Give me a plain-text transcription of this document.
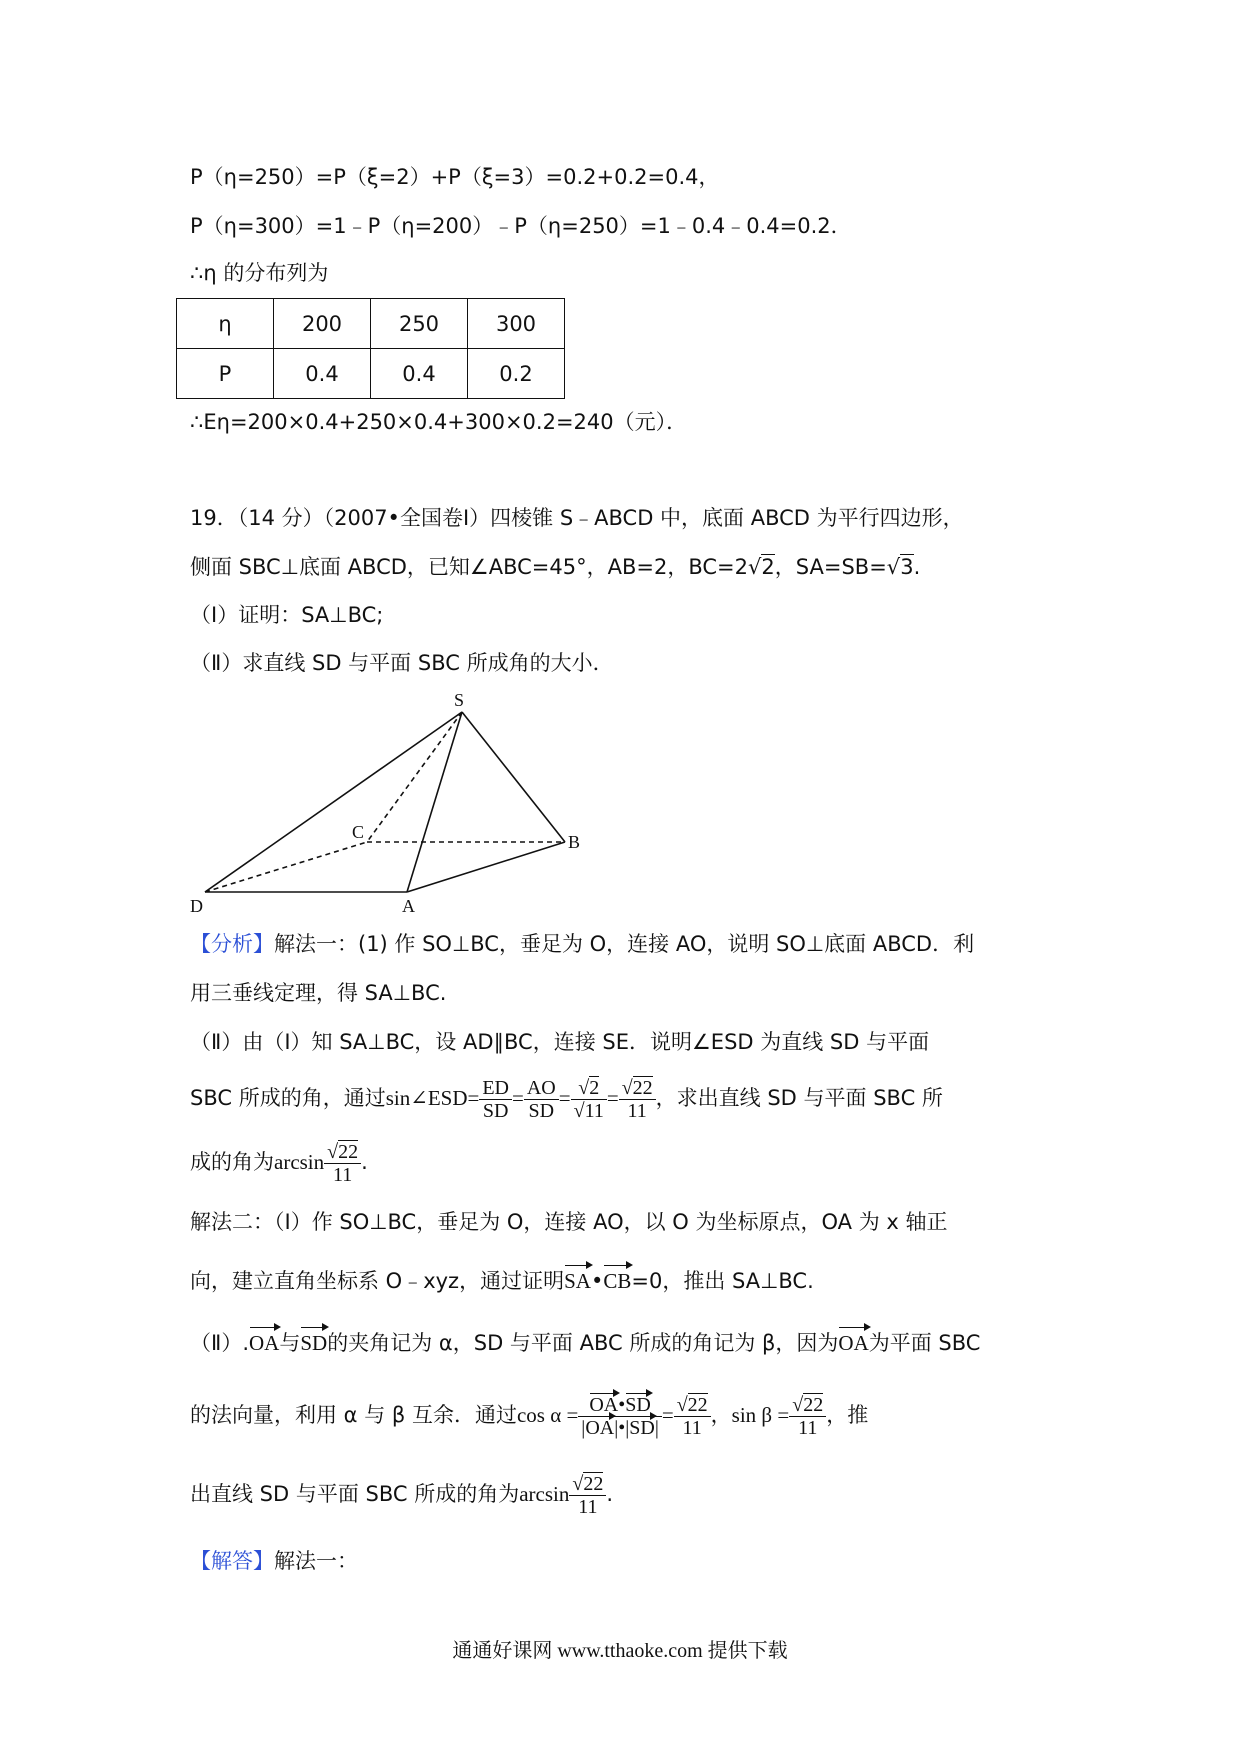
P（η=250）=P（ξ=2）+P（ξ=3）=0.2+0.2=0.4，
P（η=300）=1﹣P（η=200）﹣P（η=250）=1﹣0.4﹣0.4=0.2．
∴η 的分布列为
η	200	250	300
P	0.4	0.4	0.2
∴Eη=200×0.4+250×0.4+300×0.2=240（元）．
19．（14 分）（2007•全国卷Ⅰ）四棱锥 S﹣ABCD 中，底面 ABCD 为平行四边形，
侧面 SBC⊥底面 ABCD，已知∠ABC=45°，AB=2，BC=2√2，SA=SB=√3.
（Ⅰ）证明：SA⊥BC;
（Ⅱ）求直线 SD 与平面 SBC 所成角的大小．
S
C	B
D	A
【分析】解法一：(1) 作 SO⊥BC，垂足为 O，连接 AO，说明 SO⊥底面 ABCD．利
用三垂线定理，得 SA⊥BC.
（Ⅱ）由（Ⅰ）知 SA⊥BC，设 AD∥BC，连接 SE．说明∠ESD 为直线 SD 与平面
SBC 所成的角，通过sin∠ESD= $\frac{ED}{SD} = \frac{AO}{SD} = \frac{√2}{√11} = \frac{√22}{11}$ ，求出直线 SD 与平面 SBC 所
成的角为$\arcsin \frac{√22}{11}$ .
解法二：（Ⅰ）作 SO⊥BC，垂足为 O，连接 AO，以 O 为坐标原点，OA 为 x 轴正
向，建立直角坐标系 O﹣xyz，通过证明SA•CB=0，推出 SA⊥BC.
（Ⅱ）.OA与SD的夹角记为 α，SD 与平面 ABC 所成的角记为 β，因为OA为平面 SBC
的法向量，利用 α 与 β 互余．通过$\cos \alpha = \frac{OA•SD}{|OA|•|SD|} = \frac{√22}{11}$ ，$\sin \beta = \frac{√22}{11}$ ，推
出直线 SD 与平面 SBC 所成的角为$\arcsin \frac{√22}{11}$ .
【解答】解法一：
通通好课网 www.tthaoke.com 提供下载
